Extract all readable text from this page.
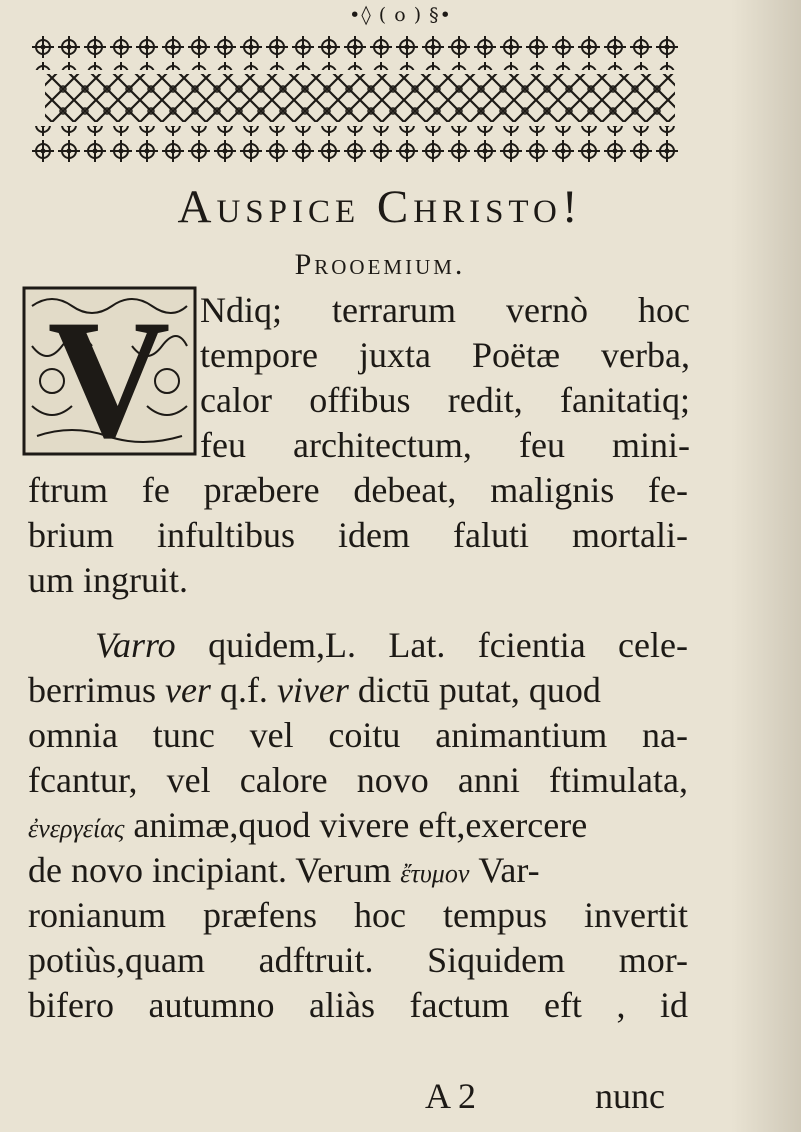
•◊ ( o ) §•
Auspice Christo!
Prooemium.
V Ndiq; terrarum vernò hoc
tempore juxta Poëtæ verba,
calor offibus redit, fanitatiq;
feu architectum, feu mini-
ftrum fe præbere debeat, malignis fe-
brium infultibus idem faluti mortali-
um ingruit.
Varro quidem,L. Lat. fcientia cele-
berrimus ver q.f. viver dictū putat, quod
omnia tunc vel coitu animantium na-
fcantur, vel calore novo anni ftimulata,
ἐνεργείας animæ,quod vivere eft,exercere
de novo incipiant. Verum ἔτυμον Var-
ronianum præfens hoc tempus invertit
potiùs,quam adftruit. Siquidem mor-
bifero autumno aliàs factum eft , id
A 2	nunc
